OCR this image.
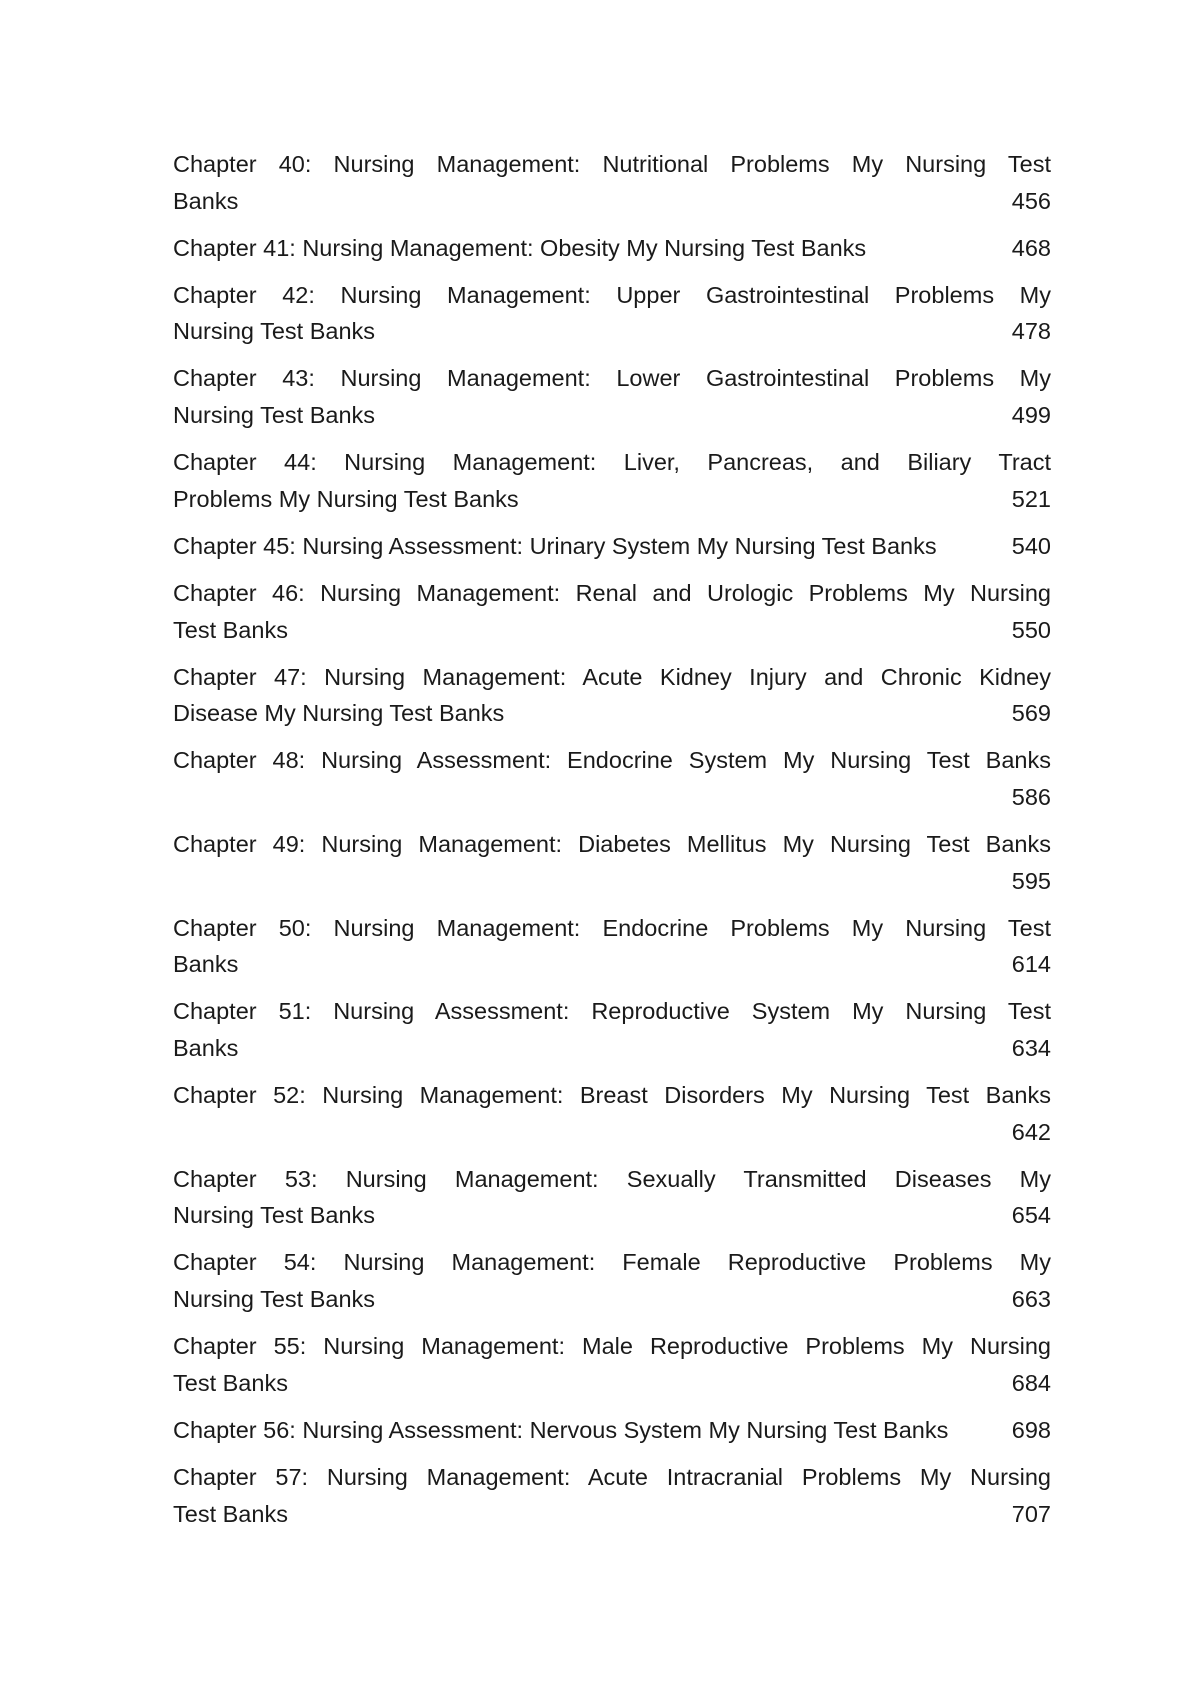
Chapter 40: Nursing Management: Nutritional Problems My Nursing Test
Banks	456
Chapter 41: Nursing Management: Obesity My Nursing Test Banks	468
Chapter 42: Nursing Management: Upper Gastrointestinal Problems My
Nursing Test Banks	478
Chapter 43: Nursing Management: Lower Gastrointestinal Problems My
Nursing Test Banks	499
Chapter 44: Nursing Management: Liver, Pancreas, and Biliary Tract
Problems My Nursing Test Banks	521
Chapter 45: Nursing Assessment: Urinary System My Nursing Test Banks	540
Chapter 46: Nursing Management: Renal and Urologic Problems My Nursing
Test Banks	550
Chapter 47: Nursing Management: Acute Kidney Injury and Chronic Kidney
Disease My Nursing Test Banks	569
Chapter 48: Nursing Assessment: Endocrine System My Nursing Test Banks
586
Chapter 49: Nursing Management: Diabetes Mellitus My Nursing Test Banks
595
Chapter 50: Nursing Management: Endocrine Problems My Nursing Test
Banks	614
Chapter 51: Nursing Assessment: Reproductive System My Nursing Test
Banks	634
Chapter 52: Nursing Management: Breast Disorders My Nursing Test Banks
642
Chapter 53: Nursing Management: Sexually Transmitted Diseases My
Nursing Test Banks	654
Chapter 54: Nursing Management: Female Reproductive Problems My
Nursing Test Banks	663
Chapter 55: Nursing Management: Male Reproductive Problems My Nursing
Test Banks	684
Chapter 56: Nursing Assessment: Nervous System My Nursing Test Banks	698
Chapter 57: Nursing Management: Acute Intracranial Problems My Nursing
Test Banks	707
